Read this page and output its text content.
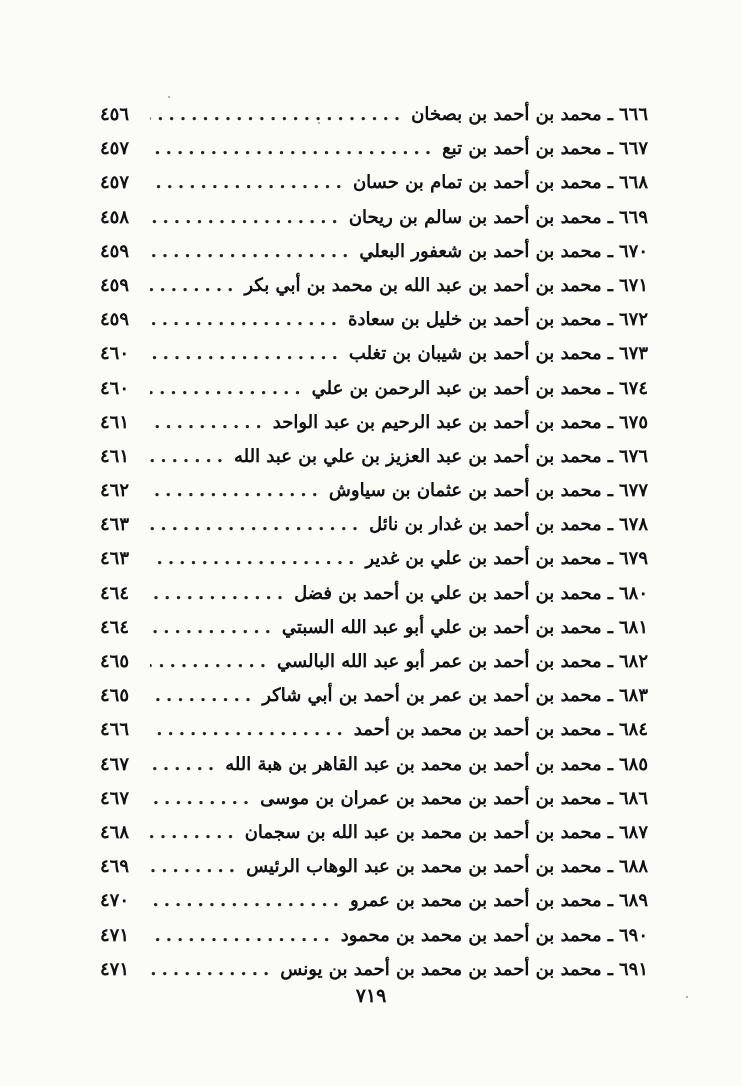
٦٦٦
ـ
محمد بن أحمد بن بصخان
.....
٤٥٦
٦٦٧
ـ
محمد بن أحمد بن تبع
.....
٤٥٧
٦٦٨
ـ
محمد بن أحمد بن تمام بن حسان
.....
٤٥٧
٦٦٩
ـ
محمد بن أحمد بن سالم بن ريحان
.....
٤٥٨
٦٧٠
ـ
محمد بن أحمد بن شعفور البعلي
.....
٤٥٩
٦٧١
ـ
محمد بن أحمد بن عبد الله بن محمد بن أبي بكر
.....
٤٥٩
٦٧٢
ـ
محمد بن أحمد بن خليل بن سعادة
.....
٤٥٩
٦٧٣
ـ
محمد بن أحمد بن شيبان بن تغلب
.....
٤٦٠
٦٧٤
ـ
محمد بن أحمد بن عبد الرحمن بن علي
.....
٤٦٠
٦٧٥
ـ
محمد بن أحمد بن عبد الرحيم بن عبد الواحد
.....
٤٦١
٦٧٦
ـ
محمد بن أحمد بن عبد العزيز بن علي بن عبد الله
.....
٤٦١
٦٧٧
ـ
محمد بن أحمد بن عثمان بن سياوش
.....
٤٦٢
٦٧٨
ـ
محمد بن أحمد بن غدار بن نائل
.....
٤٦٣
٦٧٩
ـ
محمد بن أحمد بن علي بن غدير
.....
٤٦٣
٦٨٠
ـ
محمد بن أحمد بن علي بن أحمد بن فضل
.....
٤٦٤
٦٨١
ـ
محمد بن أحمد بن علي أبو عبد الله السبتي
.....
٤٦٤
٦٨٢
ـ
محمد بن أحمد بن عمر أبو عبد الله البالسي
.....
٤٦٥
٦٨٣
ـ
محمد بن أحمد بن عمر بن أحمد بن أبي شاكر
.....
٤٦٥
٦٨٤
ـ
محمد بن أحمد بن محمد بن أحمد
.....
٤٦٦
٦٨٥
ـ
محمد بن أحمد بن محمد بن عبد القاهر بن هبة الله
.....
٤٦٧
٦٨٦
ـ
محمد بن أحمد بن محمد بن عمران بن موسى
.....
٤٦٧
٦٨٧
ـ
محمد بن أحمد بن محمد بن عبد الله بن سجمان
.....
٤٦٨
٦٨٨
ـ
محمد بن أحمد بن محمد بن عبد الوهاب الرئيس
.....
٤٦٩
٦٨٩
ـ
محمد بن أحمد بن محمد بن عمرو
.....
٤٧٠
٦٩٠
ـ
محمد بن أحمد بن محمد بن محمود
.....
٤٧١
٦٩١
ـ
محمد بن أحمد بن محمد بن أحمد بن يونس
.....
٤٧١
٧١٩
